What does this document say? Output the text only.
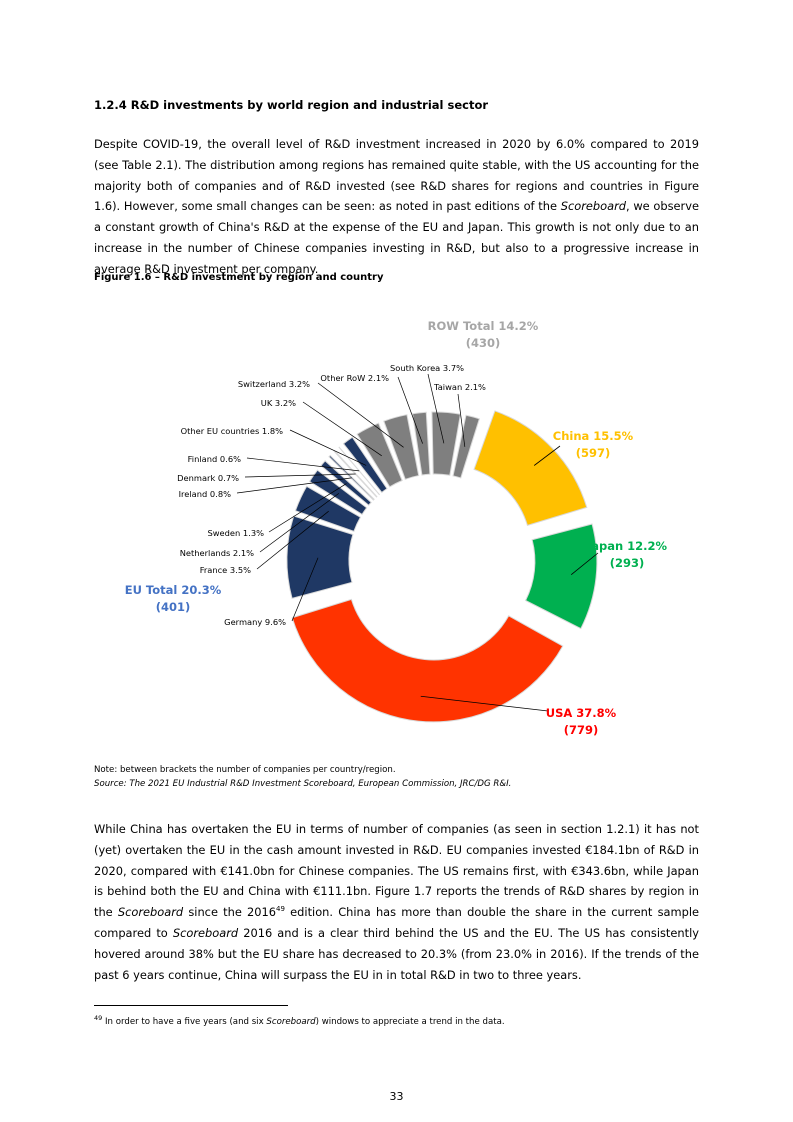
1.2.4 R&D investments by world region and industrial sector
Despite COVID-19, the overall level of R&D investment increased in 2020 by 6.0% compared to 2019 (see Table 2.1). The distribution among regions has remained quite stable, with the US accounting for the majority both of companies and of R&D invested (see R&D shares for regions and countries in Figure 1.6). However, some small changes can be seen: as noted in past editions of the Scoreboard, we observe a constant growth of China's R&D at the expense of the EU and Japan. This growth is not only due to an increase in the number of Chinese companies investing in R&D, but also to a progressive increase in average R&D investment per company.
Figure 1.6 – R&D investment by region and country
Taiwan 2.1%
China 15.5%
(597)
Japan 12.2%
(293)
USA 37.8%
(779)
Germany 9.6%
France 3.5%
Netherlands 2.1%
Sweden 1.3%
Ireland 0.8%
Denmark 0.7%
Finland 0.6%
Other EU countries 1.8%
UK 3.2%
Switzerland 3.2%
Other RoW 2.1%
South Korea 3.7%
ROW Total 14.2%
(430)
EU Total 20.3%
(401)
Note: between brackets the number of companies per country/region.
Source: The 2021 EU Industrial R&D Investment Scoreboard, European Commission, JRC/DG R&I.
While China has overtaken the EU in terms of number of companies (as seen in section 1.2.1) it has not (yet) overtaken the EU in the cash amount invested in R&D. EU companies invested €184.1bn of R&D in 2020, compared with €141.0bn for Chinese companies. The US remains first, with €343.6bn, while Japan is behind both the EU and China with €111.1bn. Figure 1.7 reports the trends of R&D shares by region in the Scoreboard since the 2016$^{49}$ edition. China has more than double the share in the current sample compared to Scoreboard 2016 and is a clear third behind the US and the EU. The US has consistently hovered around 38% but the EU share has decreased to 20.3% (from 23.0% in 2016). If the trends of the past 6 years continue, China will surpass the EU in in total R&D in two to three years.
$^{49}$ In order to have a five years (and six Scoreboard) windows to appreciate a trend in the data.
33
